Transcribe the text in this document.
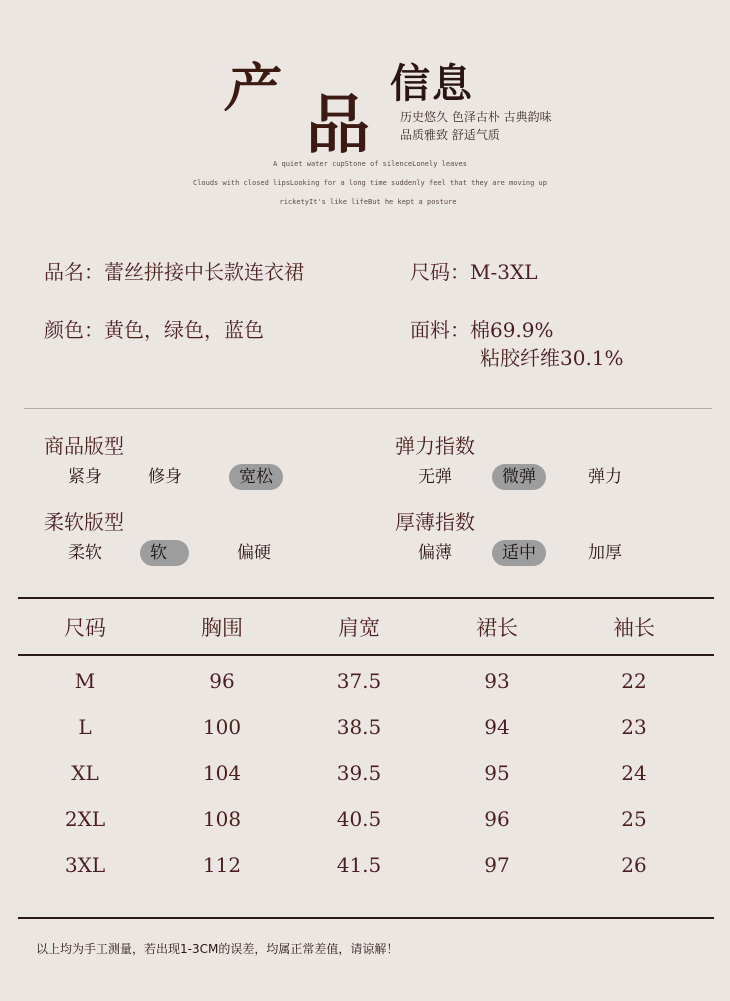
产 品
信息
历史悠久 色泽古朴 古典韵味
品质雅致 舒适气质
A quiet water cupStone of silenceLonely leaves
Clouds with closed lipsLooking for a long time suddenly feel that they are moving up
ricketyIt's like lifeBut he kept a posture
品名：蕾丝拼接中长款连衣裙	尺码：M-3XL
颜色：黄色，绿色，蓝色	面料：棉69.9%
粘胶纤维30.1%
商品版型
紧身	修身	宽松
弹力指数
无弹	微弹	弹力
柔软版型
柔软	软	偏硬
厚薄指数
偏薄	适中	加厚
尺码	胸围	肩宽	裙长	袖长
M	96	37.5	93	22
L	100	38.5	94	23
XL	104	39.5	95	24
2XL	108	40.5	96	25
3XL	112	41.5	97	26
以上均为手工测量，若出现1-3CM的误差，均属正常差值，请谅解！
